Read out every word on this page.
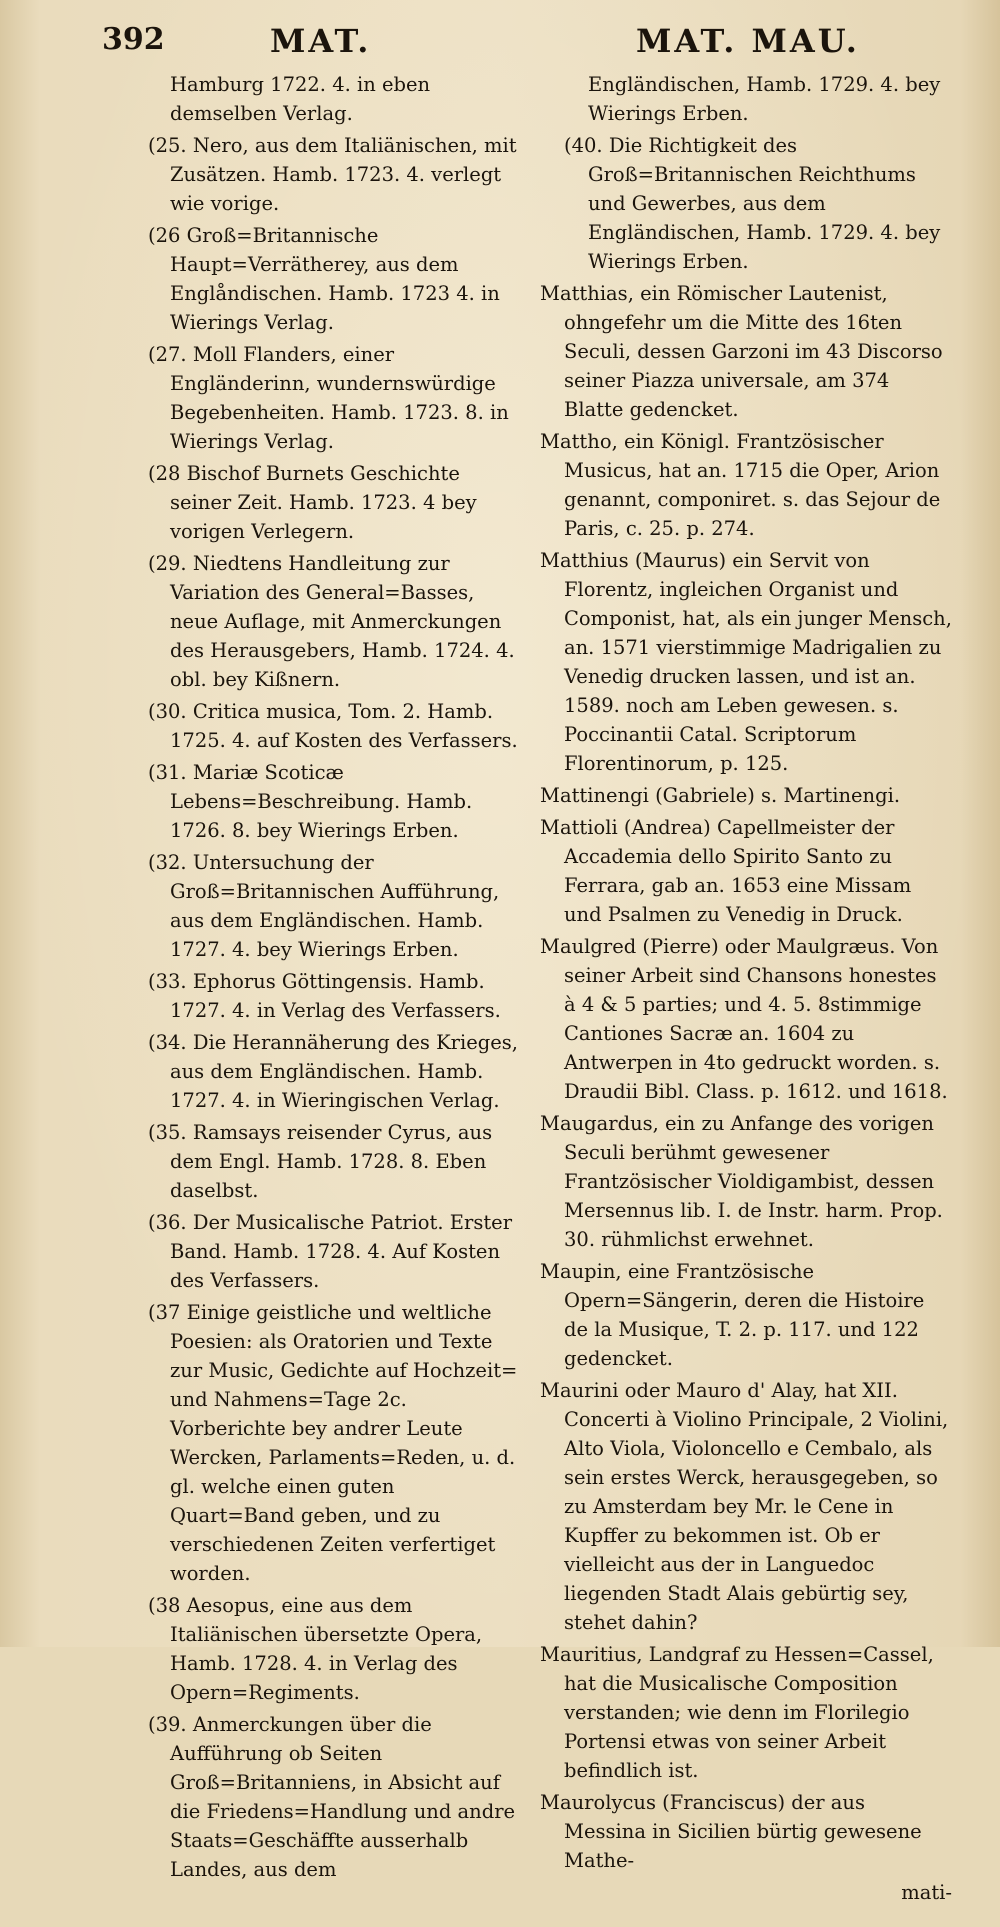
392	MAT.	MAT. MAU.

Hamburg 1722. 4. in eben demselben Verlag.

(25. Nero, aus dem Italiänischen, mit Zusätzen. Hamb. 1723. 4. verlegt wie vorige.

(26 Groß=Britannische Haupt=Verrätherey, aus dem Englåndischen. Hamb. 1723 4. in Wierings Verlag.

(27. Moll Flanders, einer Engländerinn, wundernswürdige Begebenheiten. Hamb. 1723. 8. in Wierings Verlag.

(28 Bischof Burnets Geschichte seiner Zeit. Hamb. 1723. 4 bey vorigen Verlegern.

(29. Niedtens Handleitung zur Variation des General=Basses, neue Auflage, mit Anmerckungen des Herausgebers, Hamb. 1724. 4. obl. bey Kißnern.

(30. Critica musica, Tom. 2. Hamb. 1725. 4. auf Kosten des Verfassers.

(31. Mariæ Scoticæ Lebens=Beschreibung. Hamb. 1726. 8. bey Wierings Erben.

(32. Untersuchung der Groß=Britannischen Aufführung, aus dem Engländischen. Hamb. 1727. 4. bey Wierings Erben.

(33. Ephorus Göttingensis. Hamb. 1727. 4. in Verlag des Verfassers.

(34. Die Herannäherung des Krieges, aus dem Engländischen. Hamb. 1727. 4. in Wieringischen Verlag.

(35. Ramsays reisender Cyrus, aus dem Engl. Hamb. 1728. 8. Eben daselbst.

(36. Der Musicalische Patriot. Erster Band. Hamb. 1728. 4. Auf Kosten des Verfassers.

(37 Einige geistliche und weltliche Poesien: als Oratorien und Texte zur Music, Gedichte auf Hochzeit= und Nahmens=Tage 2c. Vorberichte bey andrer Leute Wercken, Parlaments=Reden, u. d. gl. welche einen guten Quart=Band geben, und zu verschiedenen Zeiten verfertiget worden.

(38 Aesopus, eine aus dem Italiänischen übersetzte Opera, Hamb. 1728. 4. in Verlag des Opern=Regiments.

(39. Anmerckungen über die Aufführung ob Seiten Groß=Britanniens, in Absicht auf die Friedens=Handlung und andre Staats=Geschäffte ausserhalb Landes, aus dem

Engländischen, Hamb. 1729. 4. bey Wierings Erben.

(40. Die Richtigkeit des Groß=Britannischen Reichthums und Gewerbes, aus dem Engländischen, Hamb. 1729. 4. bey Wierings Erben.

Matthias, ein Römischer Lautenist, ohngefehr um die Mitte des 16ten Seculi, dessen Garzoni im 43 Discorso seiner Piazza universale, am 374 Blatte gedencket.

Mattho, ein Königl. Frantzösischer Musicus, hat an. 1715 die Oper, Arion genannt, componiret. s. das Sejour de Paris, c. 25. p. 274.

Matthius (Maurus) ein Servit von Florentz, ingleichen Organist und Componist, hat, als ein junger Mensch, an. 1571 vierstimmige Madrigalien zu Venedig drucken lassen, und ist an. 1589. noch am Leben gewesen. s. Poccinantii Catal. Scriptorum Florentinorum, p. 125.

Mattinengi (Gabriele) s. Martinengi.

Mattioli (Andrea) Capellmeister der Accademia dello Spirito Santo zu Ferrara, gab an. 1653 eine Missam und Psalmen zu Venedig in Druck.

Maulgred (Pierre) oder Maulgræus. Von seiner Arbeit sind Chansons honestes à 4 & 5 parties; und 4. 5. 8stimmige Cantiones Sacræ an. 1604 zu Antwerpen in 4to gedruckt worden. s. Draudii Bibl. Class. p. 1612. und 1618.

Maugardus, ein zu Anfange des vorigen Seculi berühmt gewesener Frantzösischer Violdigambist, dessen Mersennus lib. I. de Instr. harm. Prop. 30. rühmlichst erwehnet.

Maupin, eine Frantzösische Opern=Sängerin, deren die Histoire de la Musique, T. 2. p. 117. und 122 gedencket.

Maurini oder Mauro d' Alay, hat XII. Concerti à Violino Principale, 2 Violini, Alto Viola, Violoncello e Cembalo, als sein erstes Werck, herausgegeben, so zu Amsterdam bey Mr. le Cene in Kupffer zu bekommen ist. Ob er vielleicht aus der in Languedoc liegenden Stadt Alais gebürtig sey, stehet dahin?

Mauritius, Landgraf zu Hessen=Cassel, hat die Musicalische Composition verstanden; wie denn im Florilegio Portensi etwas von seiner Arbeit befindlich ist.

Maurolycus (Franciscus) der aus Messina in Sicilien bürtig gewesene Mathe-

mati-
